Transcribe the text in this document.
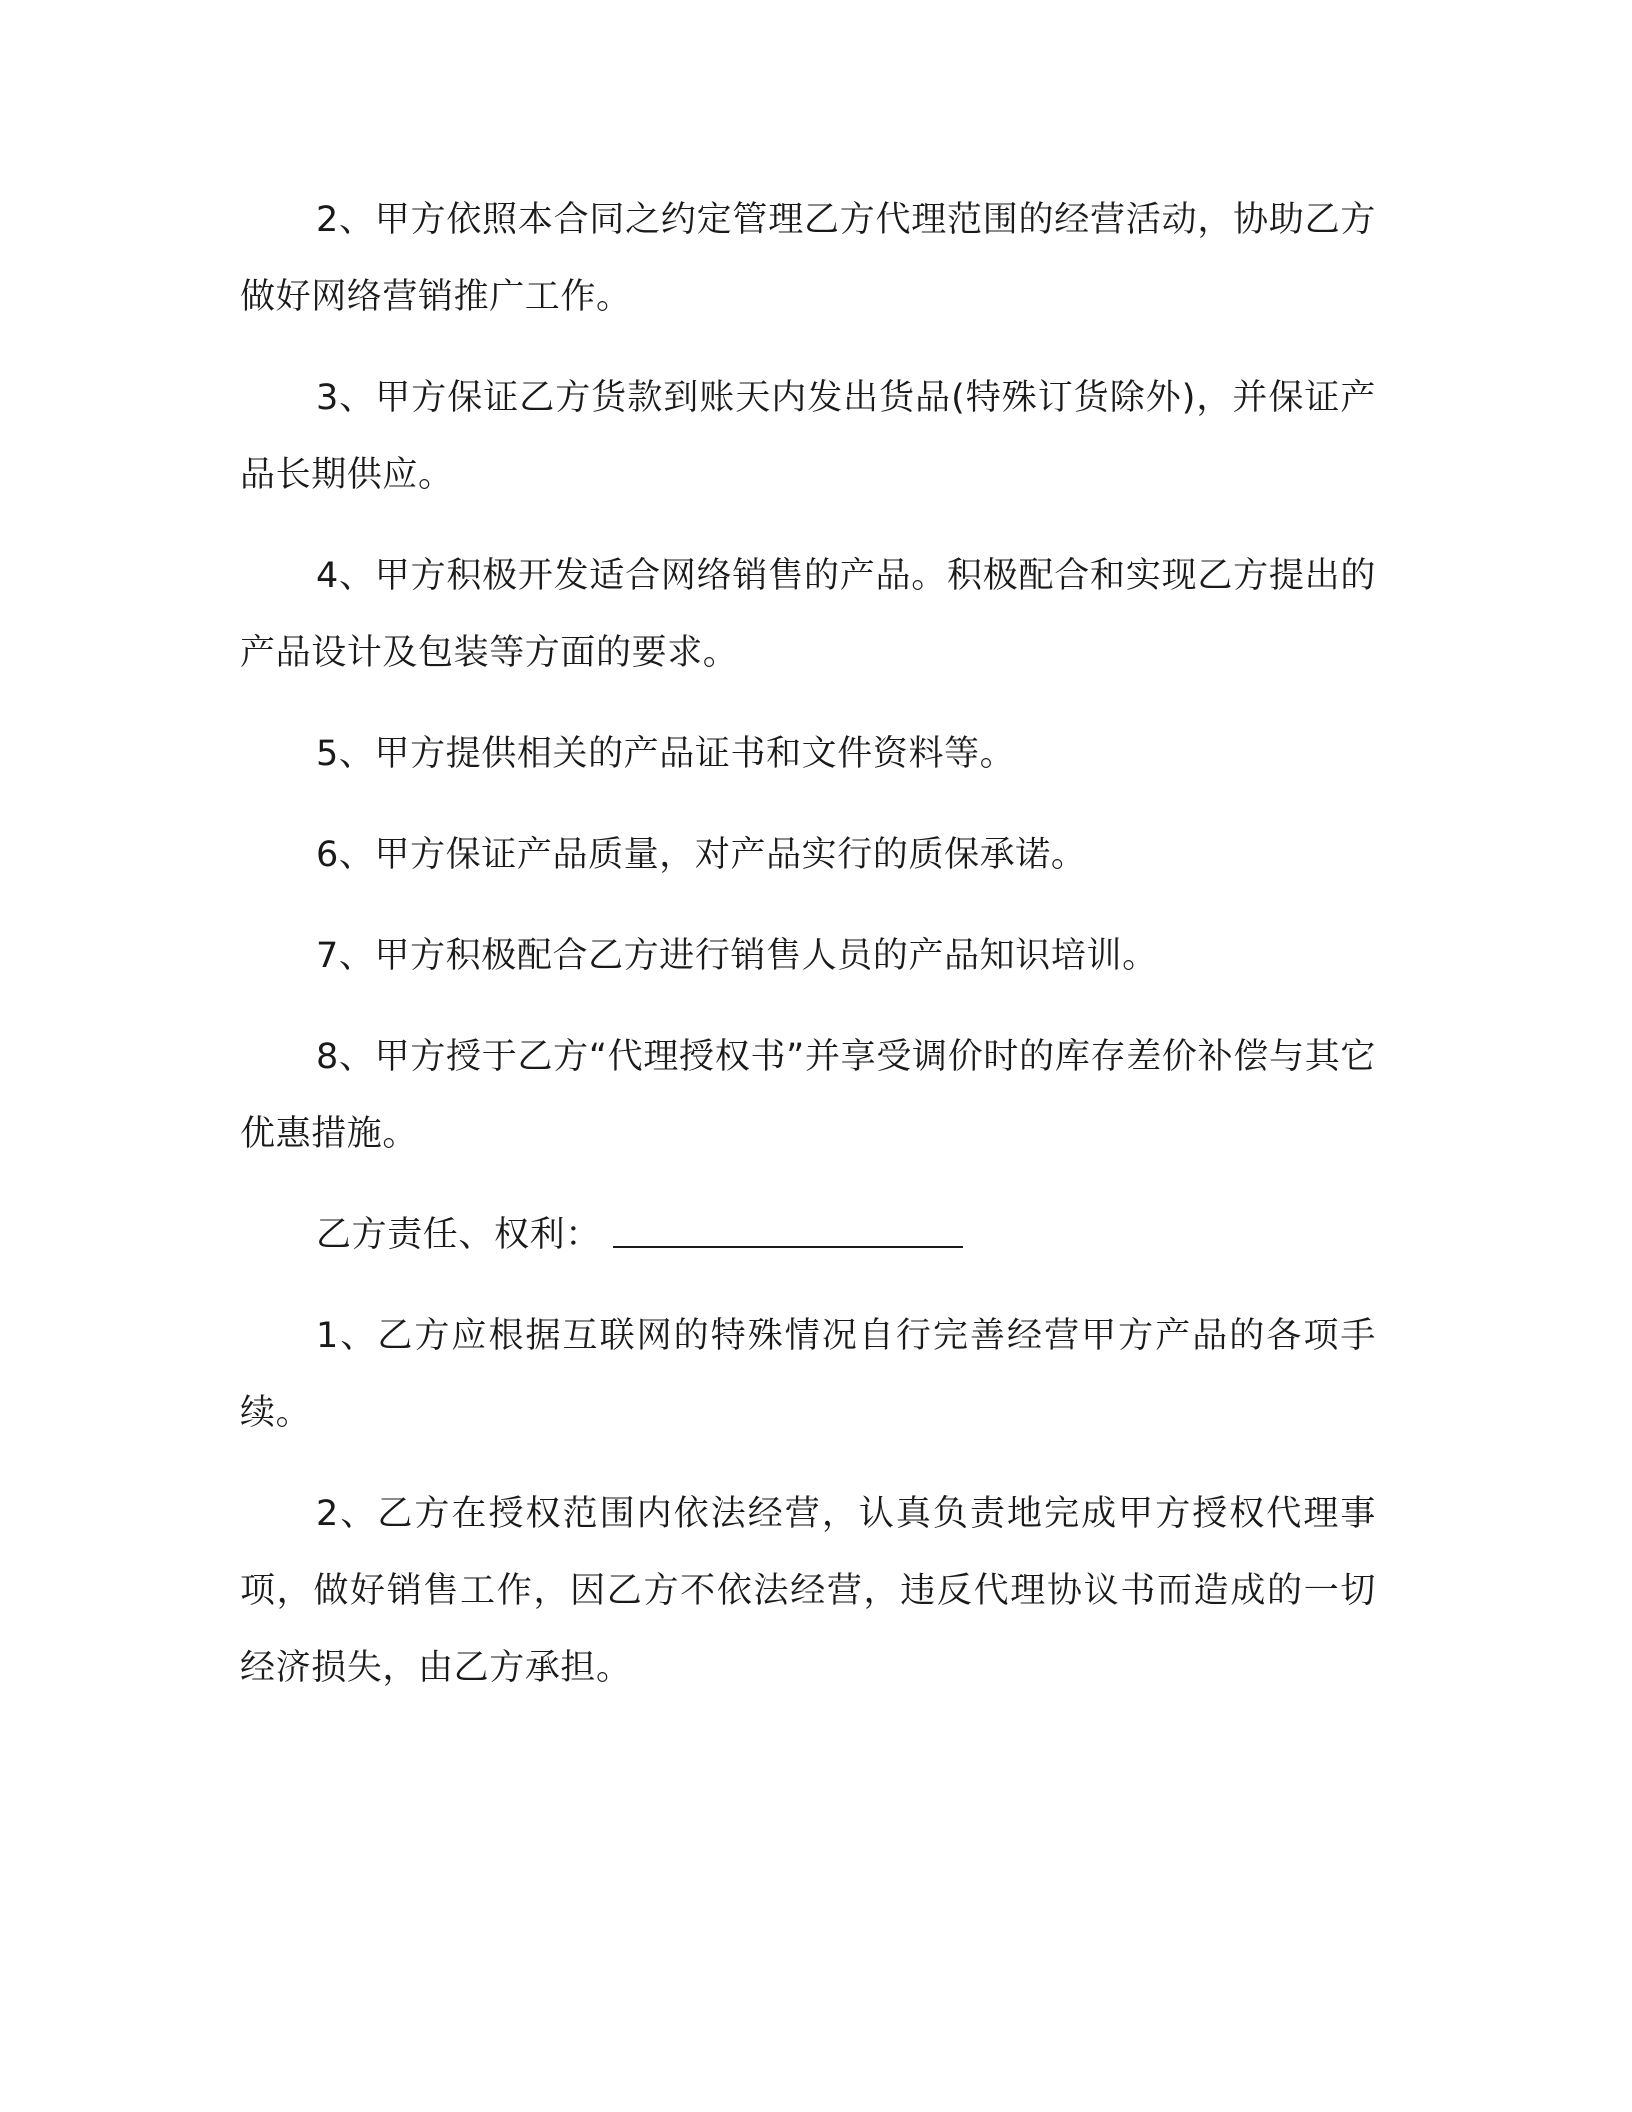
2、甲方依照本合同之约定管理乙方代理范围的经营活动，协助乙方做好网络营销推广工作。

3、甲方保证乙方货款到账天内发出货品(特殊订货除外)，并保证产品长期供应。

4、甲方积极开发适合网络销售的产品。积极配合和实现乙方提出的产品设计及包装等方面的要求。

5、甲方提供相关的产品证书和文件资料等。

6、甲方保证产品质量，对产品实行的质保承诺。

7、甲方积极配合乙方进行销售人员的产品知识培训。

8、甲方授于乙方“代理授权书”并享受调价时的库存差价补偿与其它优惠措施。

乙方责任、权利：

1、乙方应根据互联网的特殊情况自行完善经营甲方产品的各项手续。

2、乙方在授权范围内依法经营，认真负责地完成甲方授权代理事项，做好销售工作，因乙方不依法经营，违反代理协议书而造成的一切经济损失，由乙方承担。
